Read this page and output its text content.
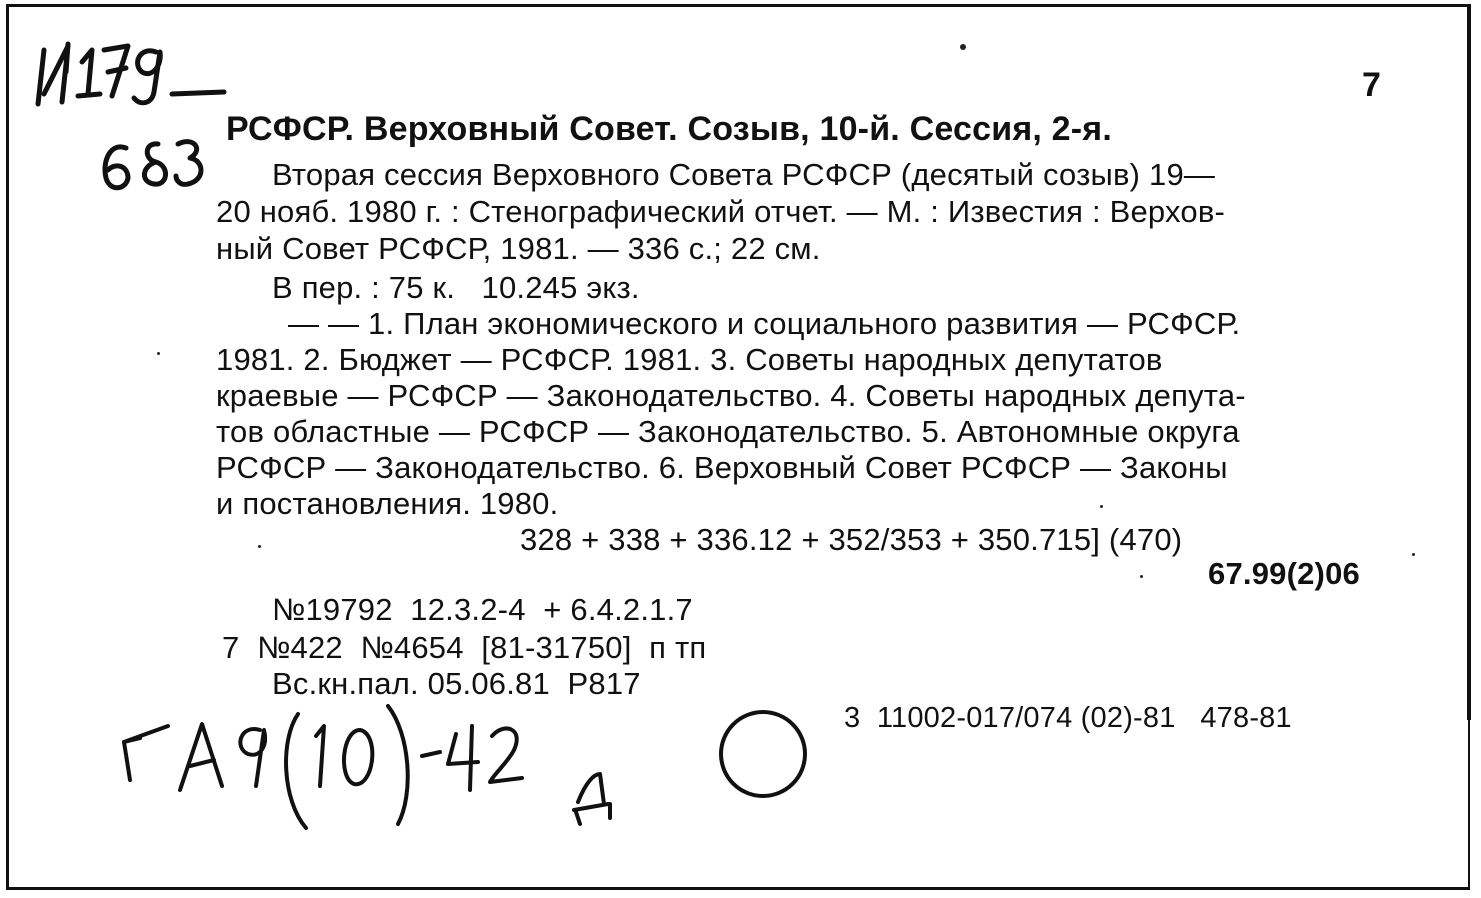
7
РСФСР. Верховный Совет. Созыв, 10-й. Сессия, 2-я.
Вторая сессия Верховного Совета РСФСР (десятый созыв) 19—
20 нояб. 1980 г. : Стенографический отчет. — М. : Известия : Верхов-
ный Совет РСФСР, 1981. — 336 с.; 22 см.
В пер. : 75 к.   10.245 экз.
— — 1. План экономического и социального развития — РСФСР.
1981. 2. Бюджет — РСФСР. 1981. 3. Советы народных депутатов
краевые — РСФСР — Законодательство. 4. Советы народных депута-
тов областные — РСФСР — Законодательство. 5. Автономные округа
РСФСР — Законодательство. 6. Верховный Совет РСФСР — Законы
и постановления. 1980.
328 + 338 + 336.12 + 352/353 + 350.715] (470)
67.99(2)06
№19792  12.3.2-4  + 6.4.2.1.7
7  №422  №4654  [81-31750]  п тп
Вс.кн.пал. 05.06.81  Р817
3  11002-017/074 (02)-81   478-81
